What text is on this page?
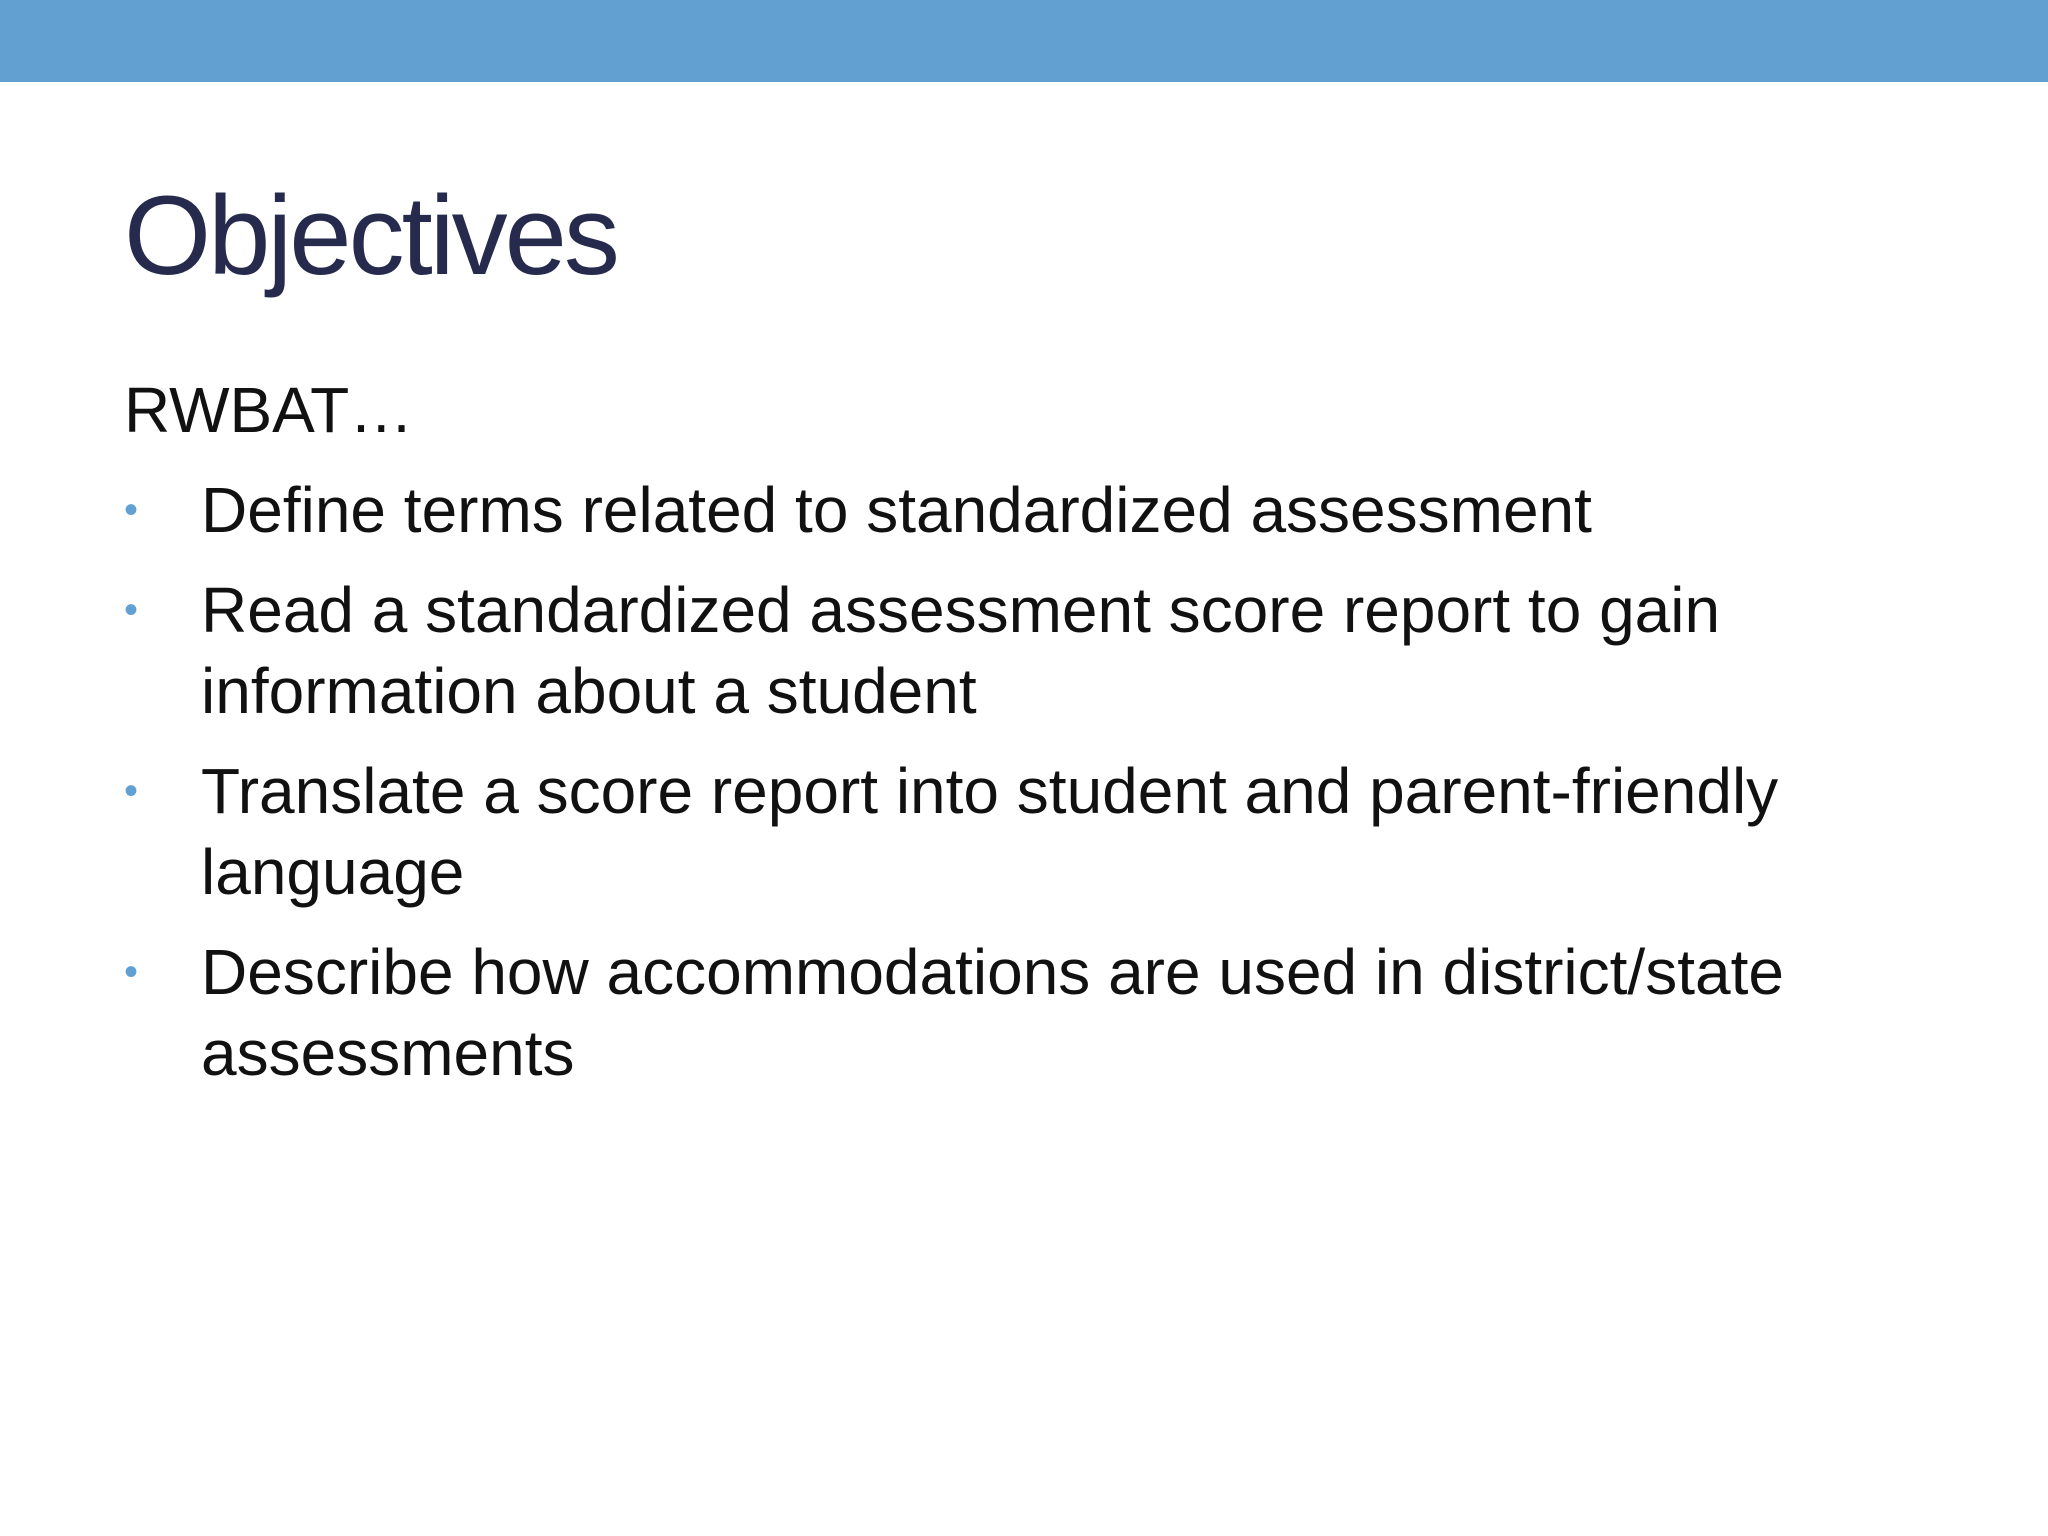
Objectives

RWBAT…

• Define terms related to standardized assessment
• Read a standardized assessment score report to gain information about a student
• Translate a score report into student and parent-friendly language
• Describe how accommodations are used in district/state assessments
